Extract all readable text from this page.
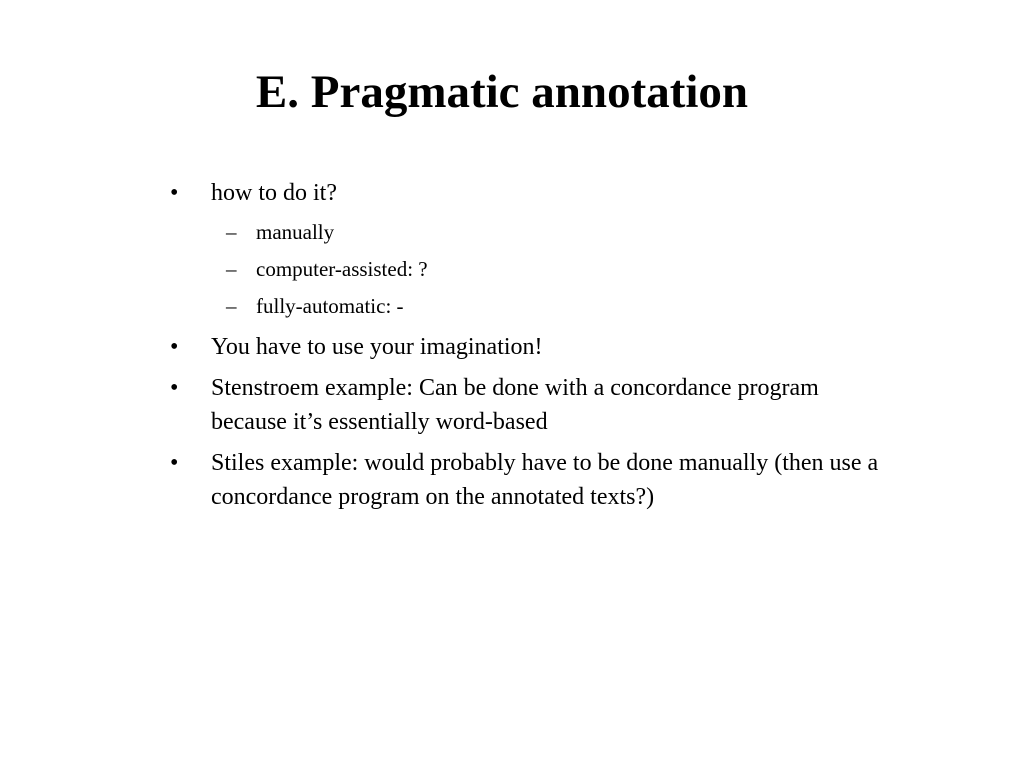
E. Pragmatic annotation
•	how to do it?
– manually
– computer-assisted: ?
– fully-automatic: -
•	You have to use your imagination!
•	Stenstroem example: Can be done with a concordance program because it’s essentially word-based
•	Stiles example: would probably have to be done manually (then use a concordance program on the annotated texts?)
